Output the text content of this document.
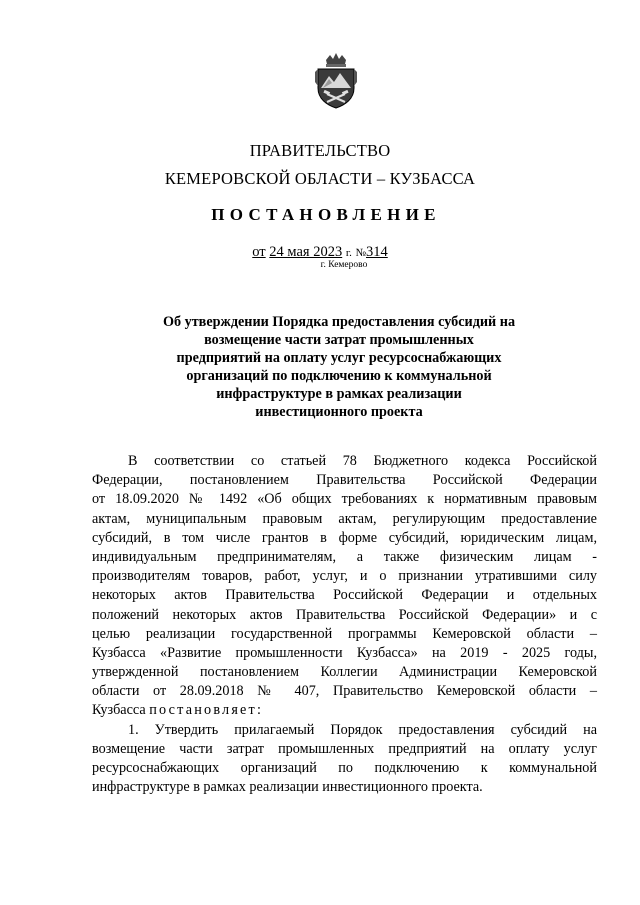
ПРАВИТЕЛЬСТВО
КЕМЕРОВСКОЙ ОБЛАСТИ – КУЗБАССА
ПОСТАНОВЛЕНИЕ
от 24 мая 2023 г. №314
г. Кемерово
Об утверждении Порядка предоставления субсидий на
возмещение части затрат промышленных
предприятий на оплату услуг ресурсоснабжающих
организаций по подключению к коммунальной
инфраструктуре в рамках реализации
инвестиционного проекта
В соответствии со статьей 78 Бюджетного кодекса Российской
Федерации, постановлением Правительства Российской Федерации
от 18.09.2020 № 1492 «Об общих требованиях к нормативным правовым
актам, муниципальным правовым актам, регулирующим предоставление
субсидий, в том числе грантов в форме субсидий, юридическим лицам,
индивидуальным предпринимателям, а также физическим лицам -
производителям товаров, работ, услуг, и о признании утратившими силу
некоторых актов Правительства Российской Федерации и отдельных
положений некоторых актов Правительства Российской Федерации» и с
целью реализации государственной программы Кемеровской области –
Кузбасса «Развитие промышленности Кузбасса» на 2019 - 2025 годы,
утвержденной постановлением Коллегии Администрации Кемеровской
области от 28.09.2018 № 407, Правительство Кемеровской области –
Кузбасса постановляет:
1. Утвердить прилагаемый Порядок предоставления субсидий на
возмещение части затрат промышленных предприятий на оплату услуг
ресурсоснабжающих организаций по подключению к коммунальной
инфраструктуре в рамках реализации инвестиционного проекта.
